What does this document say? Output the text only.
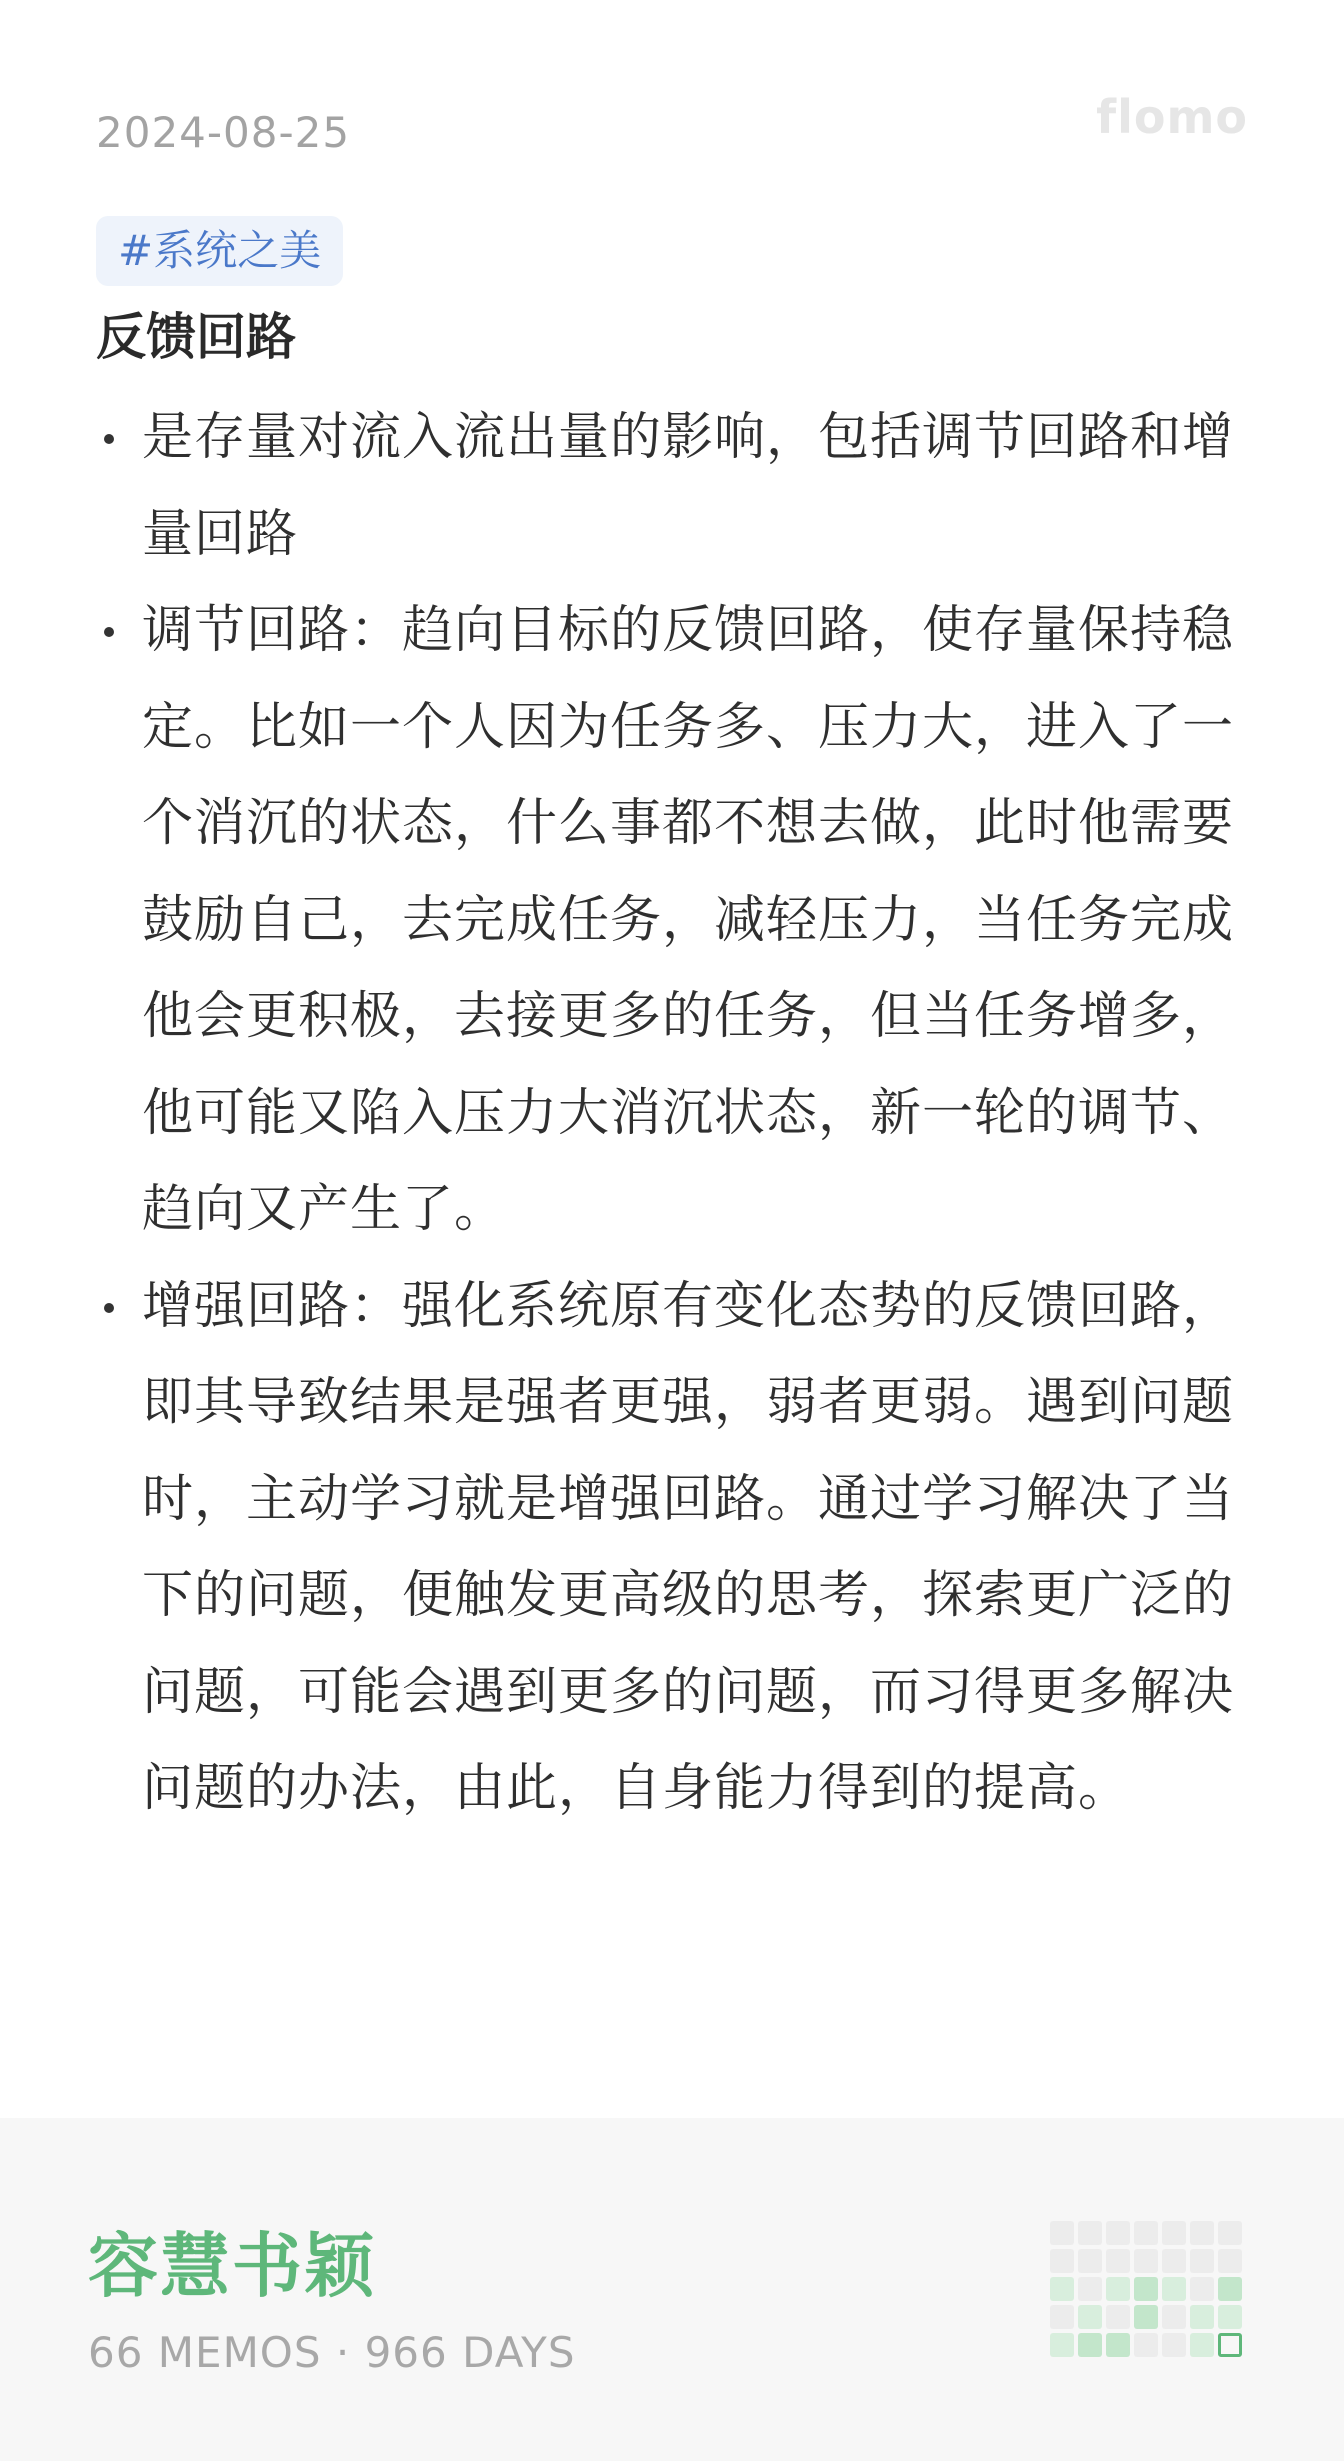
2024-08-25	flomo
#系统之美
反馈回路
是存量对流入流出量的影响，包括调节回路和增量回路
调节回路：趋向目标的反馈回路，使存量保持稳定。比如一个人因为任务多、压力大，进入了一个消沉的状态，什么事都不想去做，此时他需要鼓励自己，去完成任务，减轻压力，当任务完成他会更积极，去接更多的任务，但当任务增多，他可能又陷入压力大消沉状态，新一轮的调节、趋向又产生了。
增强回路：强化系统原有变化态势的反馈回路，即其导致结果是强者更强，弱者更弱。遇到问题时，主动学习就是增强回路。通过学习解决了当下的问题，便触发更高级的思考，探索更广泛的问题，可能会遇到更多的问题，而习得更多解决问题的办法，由此，自身能力得到的提高。
容慧书颖
66 MEMOS · 966 DAYS
